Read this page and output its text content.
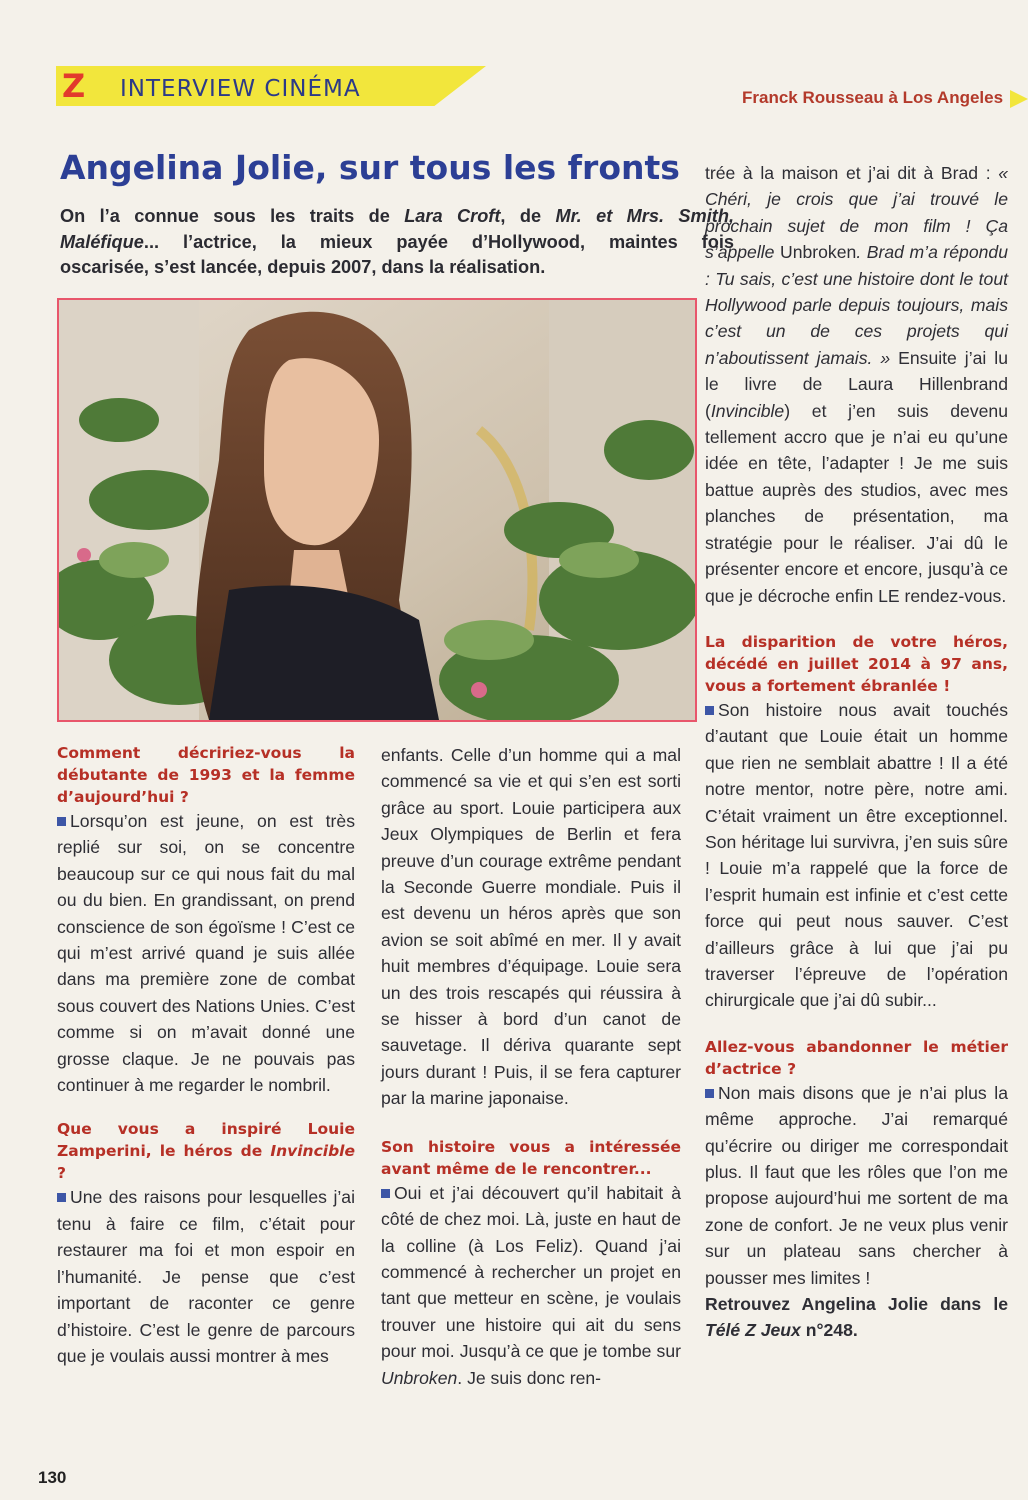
Z INTERVIEW CINÉMA	Franck Rousseau à Los Angeles
Angelina Jolie, sur tous les fronts
On l’a connue sous les traits de Lara Croft, de Mr. et Mrs. Smith,
Maléfique... l’actrice, la mieux payée d’Hollywood, maintes fois
oscarisée, s’est lancée, depuis 2007, dans la réalisation.

Comment décririez-vous la débutante de 1993 et la femme d’aujourd’hui ?

Lorsqu’on est jeune, on est très replié sur soi, on se concentre beaucoup sur ce qui nous fait du mal ou du bien. En grandissant, on prend conscience de son égoïsme ! C’est ce qui m’est arrivé quand je suis allée dans ma première zone de combat sous couvert des Nations Unies. C’est comme si on m’avait donné une grosse claque. Je ne pouvais pas continuer à me regarder le nombril.

Que vous a inspiré Louie Zamperini, le héros de Invincible ?

Une des raisons pour lesquelles j’ai tenu à faire ce film, c’était pour restaurer ma foi et mon espoir en l’humanité. Je pense que c’est important de raconter ce genre d’histoire. C’est le genre de parcours que je voulais aussi montrer à mes

enfants. Celle d’un homme qui a mal commencé sa vie et qui s’en est sorti grâce au sport. Louie participera aux Jeux Olympiques de Berlin et fera preuve d’un courage extrême pendant la Seconde Guerre mondiale. Puis il est devenu un héros après que son avion se soit abîmé en mer. Il y avait huit membres d’équipage. Louie sera un des trois rescapés qui réussira à se hisser à bord d’un canot de sauvetage. Il dériva quarante sept jours durant ! Puis, il se fera capturer par la marine japonaise.

Son histoire vous a intéressée avant même de le rencontrer...

Oui et j’ai découvert qu’il habitait à côté de chez moi. Là, juste en haut de la colline (à Los Feliz). Quand j’ai commencé à rechercher un projet en tant que metteur en scène, je voulais trouver une histoire qui ait du sens pour moi. Jusqu’à ce que je tombe sur Unbroken. Je suis donc ren-

trée à la maison et j’ai dit à Brad : « Chéri, je crois que j’ai trouvé le prochain sujet de mon film ! Ça s’appelle Unbroken. Brad m’a répondu : Tu sais, c’est une histoire dont le tout Hollywood parle depuis toujours, mais c’est un de ces projets qui n’aboutissent jamais. » Ensuite j’ai lu le livre de Laura Hillenbrand (Invincible) et j’en suis devenu tellement accro que je n’ai eu qu’une idée en tête, l’adapter ! Je me suis battue auprès des studios, avec mes planches de présentation, ma stratégie pour le réaliser. J’ai dû le présenter encore et encore, jusqu’à ce que je décroche enfin LE rendez-vous.

La disparition de votre héros, décédé en juillet 2014 à 97 ans, vous a fortement ébranlée !

Son histoire nous avait touchés d’autant que Louie était un homme que rien ne semblait abattre ! Il a été notre mentor, notre père, notre ami. C’était vraiment un être exceptionnel. Son héritage lui survivra, j’en suis sûre ! Louie m’a rappelé que la force de l’esprit humain est infinie et c’est cette force qui peut nous sauver. C’est d’ailleurs grâce à lui que j’ai pu traverser l’épreuve de l’opération chirurgicale que j’ai dû subir...

Allez-vous abandonner le métier d’actrice ?

Non mais disons que je n’ai plus la même approche. J’ai remarqué qu’écrire ou diriger me correspondait plus. Il faut que les rôles que l’on me propose aujourd’hui me sortent de ma zone de confort. Je ne veux plus venir sur un plateau sans chercher à pousser mes limites !

Retrouvez Angelina Jolie dans le Télé Z Jeux n°248.

130
